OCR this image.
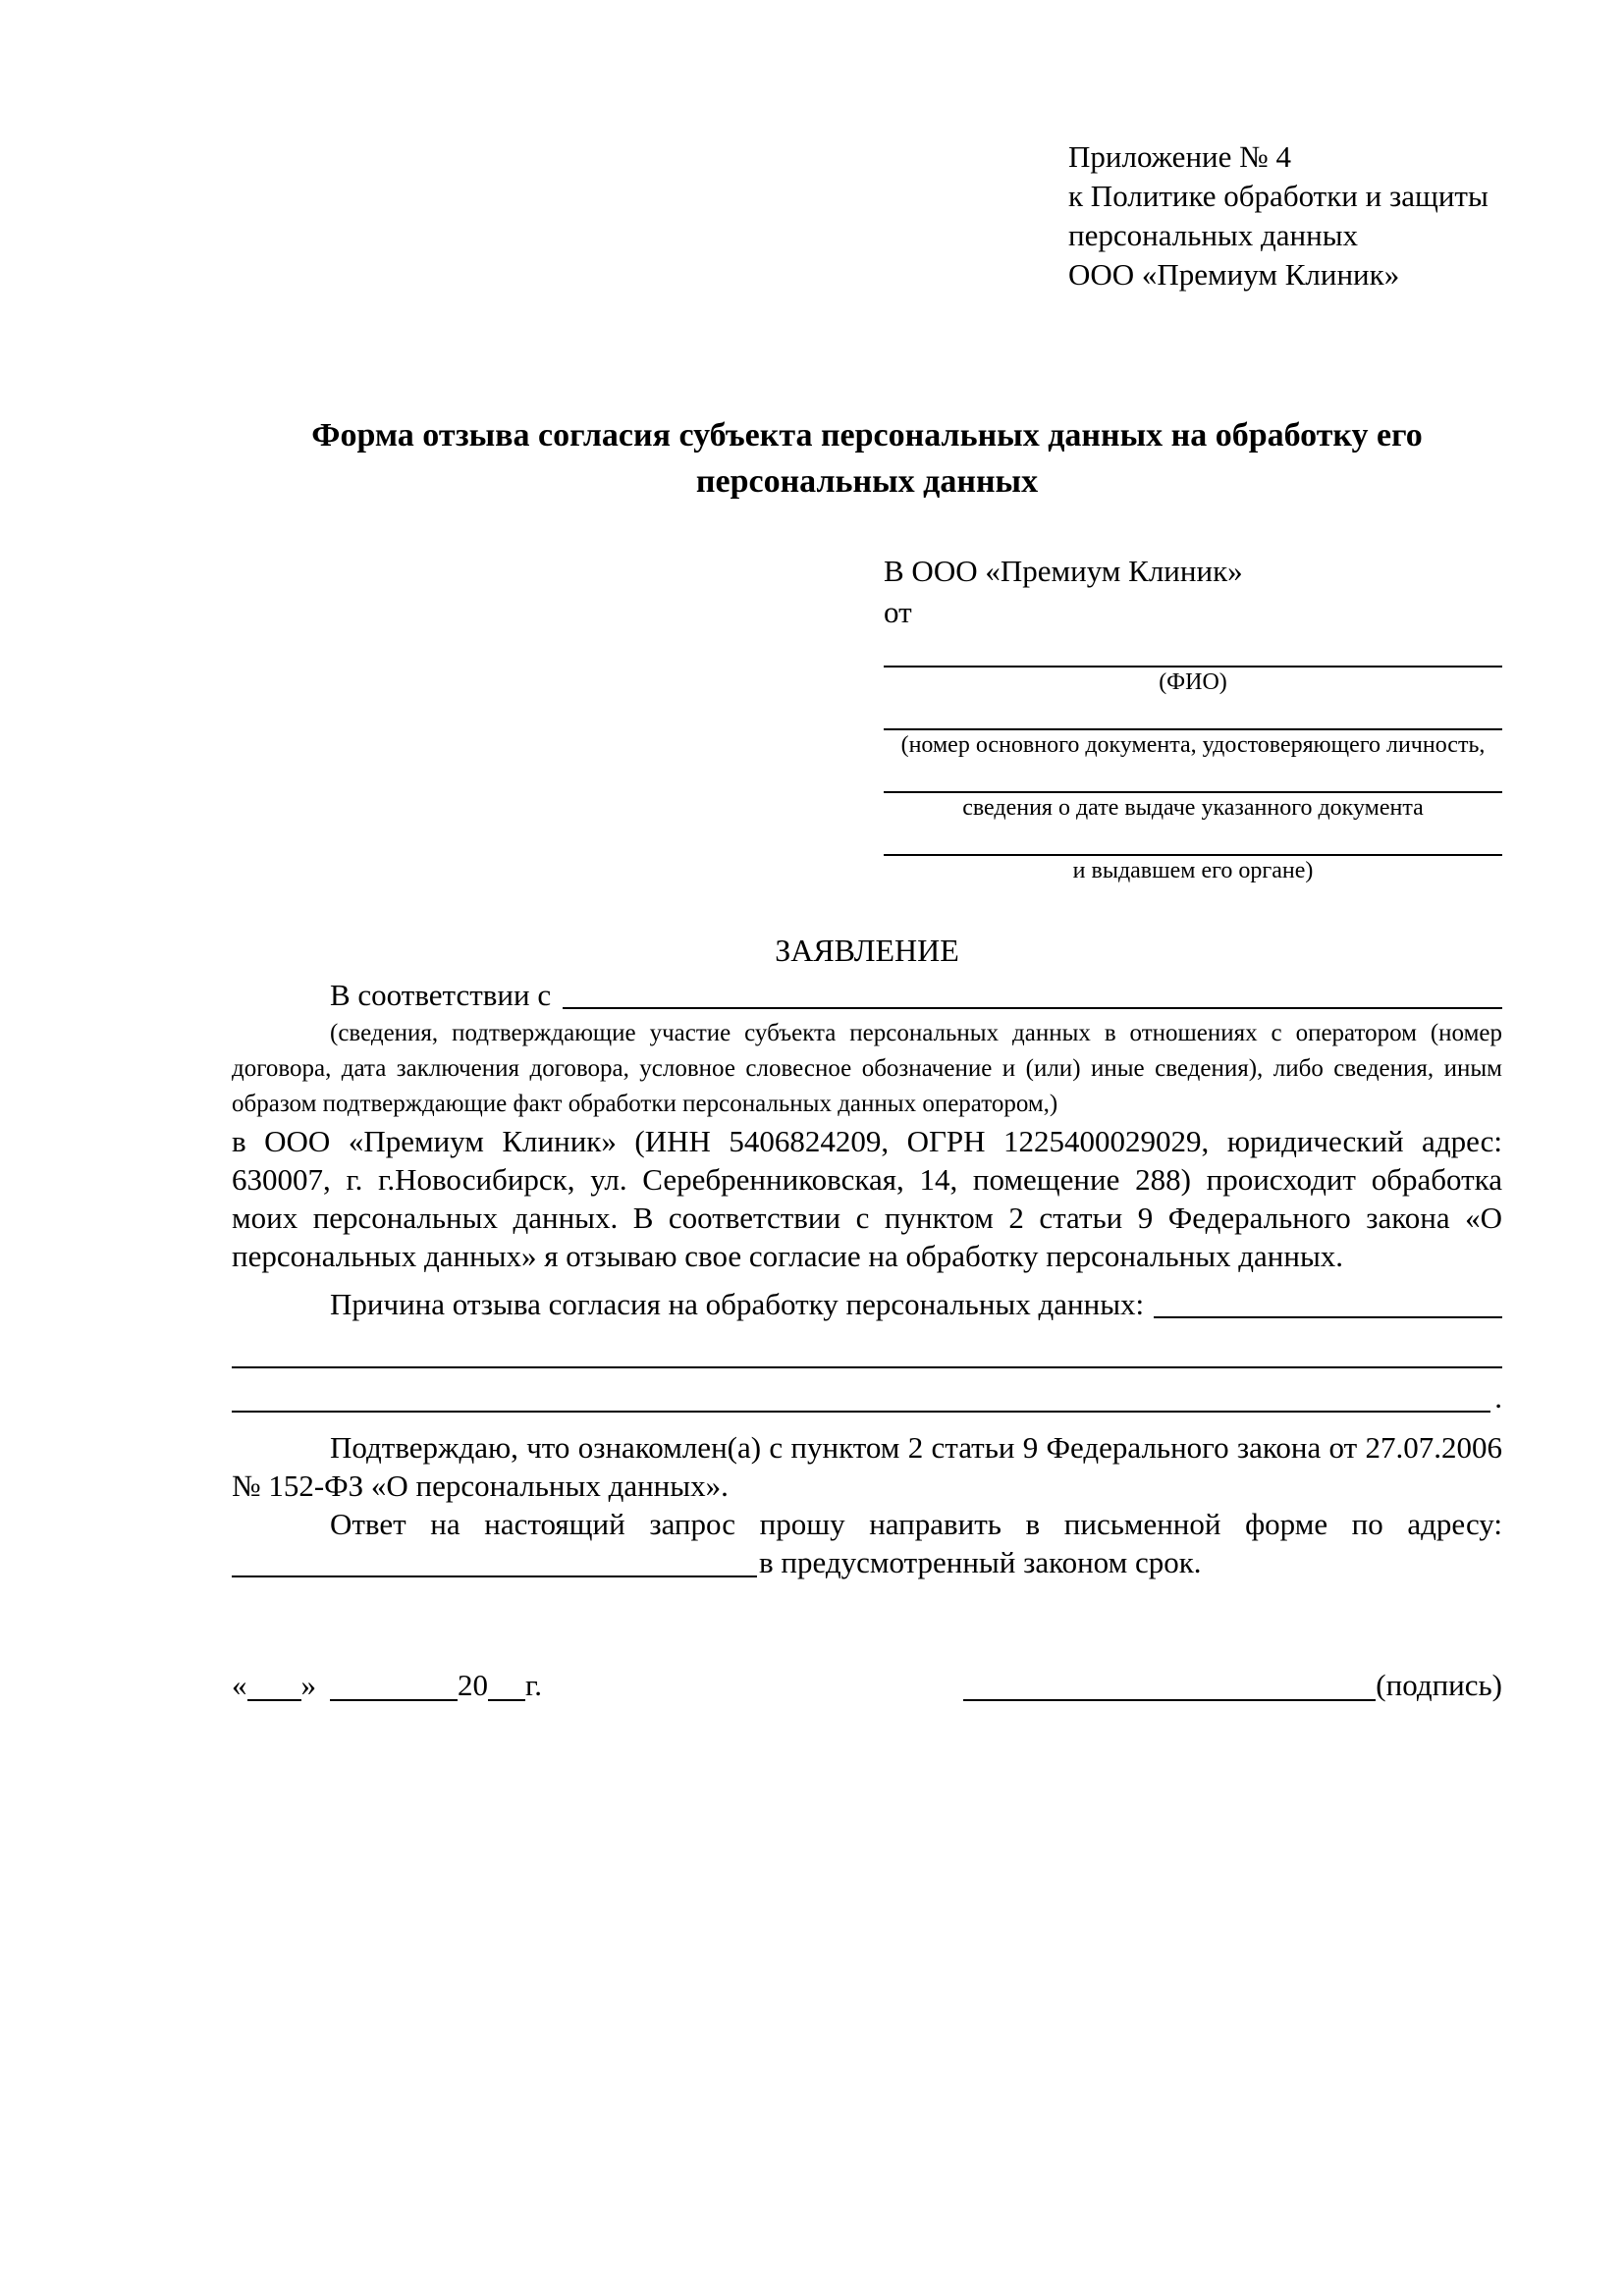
Приложение № 4
к Политике обработки и защиты
персональных данных
ООО «Премиум Клиник»
Форма отзыва согласия субъекта персональных данных на обработку его персональных данных
В ООО «Премиум Клиник»
от
(ФИО)
(номер основного документа, удостоверяющего личность,
сведения о дате выдаче указанного документа
и выдавшем его органе)
ЗАЯВЛЕНИЕ
В соответствии с
(сведения, подтверждающие участие субъекта персональных данных в отношениях с оператором (номер договора, дата заключения договора, условное словесное обозначение и (или) иные сведения), либо сведения, иным образом подтверждающие факт обработки персональных данных оператором,)

в ООО «Премиум Клиник» (ИНН 5406824209, ОГРН 1225400029029, юридический адрес: 630007, г. г.Новосибирск, ул. Серебренниковская, 14, помещение 288) происходит обработка моих персональных данных. В соответствии с пунктом 2 статьи 9 Федерального закона «О персональных данных» я отзываю свое согласие на обработку персональных данных.

Причина отзыва согласия на обработку персональных данных:
.

Подтверждаю, что ознакомлен(а) с пунктом 2 статьи 9 Федерального закона от 27.07.2006 № 152-ФЗ «О персональных данных».

Ответ на настоящий запрос прошу направить в письменной форме по адресу:

в предусмотренный законом срок.
« »	20 г.	(подпись)
